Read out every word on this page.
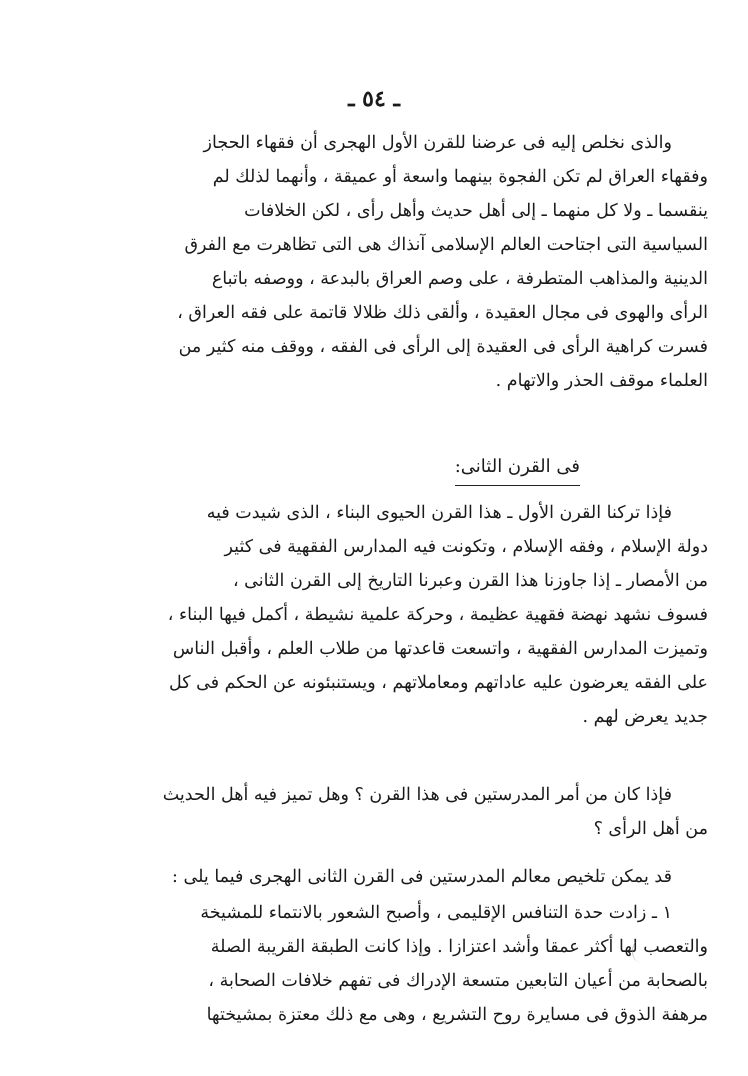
ـ ٥٤ ـ
والذى نخلص إليه فى عرضنا للقرن الأول الهجرى أن فقهاء الحجاز
وفقهاء العراق لم تكن الفجوة بينهما واسعة أو عميقة ، وأنهما لذلك لم
ينقسما ـ ولا كل منهما ـ إلى أهل حديث وأهل رأى ، لكن الخلافات
السياسية التى اجتاحت العالم الإسلامى آنذاك هى التى تظاهرت مع الفرق
الدينية والمذاهب المتطرفة ، على وصم العراق بالبدعة ، ووصفه باتباع
الرأى والهوى فى مجال العقيدة ، وألقى ذلك ظلالا قاتمة على فقه العراق ،
فسرت كراهية الرأى فى العقيدة إلى الرأى فى الفقه ، ووقف منه كثير من
العلماء موقف الحذر والاتهام .
فى القرن الثانى:
فإذا تركنا القرن الأول ـ هذا القرن الحيوى البناء ، الذى شيدت فيه
دولة الإسلام ، وفقه الإسلام ، وتكونت فيه المدارس الفقهية فى كثير
من الأمصار ـ إذا جاوزنا هذا القرن وعبرنا التاريخ إلى القرن الثانى ،
فسوف نشهد نهضة فقهية عظيمة ، وحركة علمية نشيطة ، أكمل فيها البناء ،
وتميزت المدارس الفقهية ، واتسعت قاعدتها من طلاب العلم ، وأقبل الناس
على الفقه يعرضون عليه عاداتهم ومعاملاتهم ، ويستنبئونه عن الحكم فى كل
جديد يعرض لهم .
فإذا كان من أمر المدرستين فى هذا القرن ؟ وهل تميز فيه أهل الحديث
من أهل الرأى ؟
قد يمكن تلخيص معالم المدرستين فى القرن الثانى الهجرى فيما يلى :
١ ـ زادت حدة التنافس الإقليمى ، وأصبح الشعور بالانتماء للمشيخة
والتعصب لها أكثر عمقا وأشد اعتزازا . وإذا كانت الطبقة القريبة الصلة
بالصحابة من أعيان التابعين متسعة الإدراك فى تفهم خلافات الصحابة ،
مرهفة الذوق فى مسايرة روح التشريع ، وهى مع ذلك معتزة بمشيختها
